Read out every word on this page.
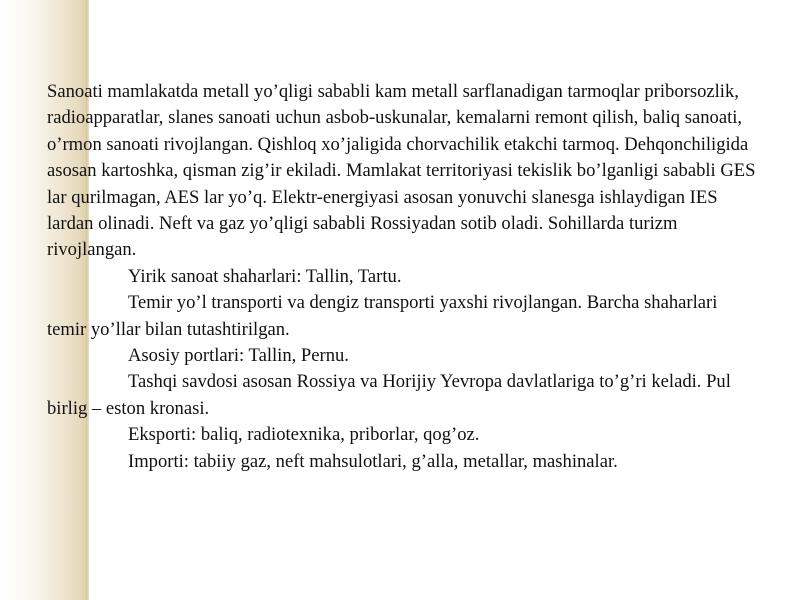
Sanoati mamlakatda metall yo’qligi sababli kam metall sarflanadigan tarmoqlar priborsozlik, radioapparatlar, slanes sanoati uchun asbob-uskunalar, kemalarni remont qilish, baliq sanoati, o’rmon sanoati rivojlangan. Qishloq xo’jaligida chorvachilik etakchi tarmoq. Dehqonchiligida asosan kartoshka, qisman zig’ir ekiladi. Mamlakat territoriyasi tekislik bo’lganligi sababli GES lar qurilmagan, AES lar yo’q. Elektr-energiyasi asosan yonuvchi slanesga ishlaydigan IES lardan olinadi. Neft va gaz yo’qligi sababli Rossiyadan sotib oladi. Sohillarda turizm rivojlangan.

Yirik sanoat shaharlari: Tallin, Tartu.

Temir yo’l transporti va dengiz transporti yaxshi rivojlangan. Barcha shaharlari temir yo’llar bilan tutashtirilgan.

Asosiy portlari: Tallin, Pernu.

Tashqi savdosi asosan Rossiya va Horijiy Yevropa davlatlariga to’g’ri keladi. Pul birlig – eston kronasi.

Eksporti: baliq, radiotexnika, priborlar, qog’oz.

Importi: tabiiy gaz, neft mahsulotlari, g’alla, metallar, mashinalar.
